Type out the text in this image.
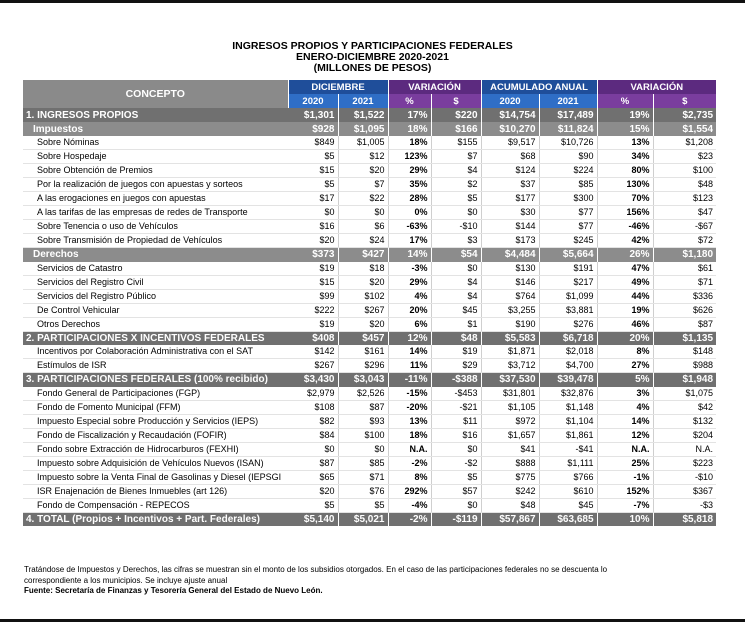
INGRESOS PROPIOS Y PARTICIPACIONES FEDERALES
ENERO-DICIEMBRE 2020-2021
(MILLONES DE PESOS)
CONCEPTO	DICIEMBRE		VARIACIÓN		ACUMULADO ANUAL		VARIACIÓN	
	2020	2021	%	$	2020	2021	%	$
1. INGRESOS PROPIOS	$1,301	$1,522	17%	$220	$14,754	$17,489	19%	$2,735
Impuestos	$928	$1,095	18%	$166	$10,270	$11,824	15%	$1,554
Sobre Nóminas	$849	$1,005	18%	$155	$9,517	$10,726	13%	$1,208
Sobre Hospedaje	$5	$12	123%	$7	$68	$90	34%	$23
Sobre Obtención de Premios	$15	$20	29%	$4	$124	$224	80%	$100
Por la realización de juegos con apuestas y sorteos	$5	$7	35%	$2	$37	$85	130%	$48
A las erogaciones en juegos con apuestas	$17	$22	28%	$5	$177	$300	70%	$123
A las tarifas de las empresas de redes de Transporte	$0	$0	0%	$0	$30	$77	156%	$47
Sobre Tenencia o uso de Vehículos	$16	$6	-63%	-$10	$144	$77	-46%	-$67
Sobre Transmisión de Propiedad de Vehículos	$20	$24	17%	$3	$173	$245	42%	$72
Derechos	$373	$427	14%	$54	$4,484	$5,664	26%	$1,180
Servicios de Catastro	$19	$18	-3%	$0	$130	$191	47%	$61
Servicios del Registro Civil	$15	$20	29%	$4	$146	$217	49%	$71
Servicios del Registro Público	$99	$102	4%	$4	$764	$1,099	44%	$336
De Control Vehicular	$222	$267	20%	$45	$3,255	$3,881	19%	$626
Otros Derechos	$19	$20	6%	$1	$190	$276	46%	$87
2. PARTICIPACIONES X INCENTIVOS FEDERALES	$408	$457	12%	$48	$5,583	$6,718	20%	$1,135
Incentivos por Colaboración Administrativa con el SAT	$142	$161	14%	$19	$1,871	$2,018	8%	$148
Estímulos de ISR	$267	$296	11%	$29	$3,712	$4,700	27%	$988
3. PARTICIPACIONES FEDERALES (100% recibido)	$3,430	$3,043	-11%	-$388	$37,530	$39,478	5%	$1,948
Fondo General de Participaciones (FGP)	$2,979	$2,526	-15%	-$453	$31,801	$32,876	3%	$1,075
Fondo de Fomento Municipal (FFM)	$108	$87	-20%	-$21	$1,105	$1,148	4%	$42
Impuesto Especial sobre Producción y Servicios (IEPS)	$82	$93	13%	$11	$972	$1,104	14%	$132
Fondo de Fiscalización y Recaudación (FOFIR)	$84	$100	18%	$16	$1,657	$1,861	12%	$204
Fondo sobre Extracción de Hidrocarburos (FEXHI)	$0	$0	N.A.	$0	$41	-$41	N.A.	N.A.
Impuesto sobre Adquisición de Vehículos Nuevos (ISAN)	$87	$85	-2%	-$2	$888	$1,111	25%	$223
Impuesto sobre la Venta Final de Gasolinas y Diesel (IEPSGI	$65	$71	8%	$5	$775	$766	-1%	-$10
ISR Enajenación de Bienes Inmuebles (art 126)	$20	$76	292%	$57	$242	$610	152%	$367
Fondo de Compensación - REPECOS	$5	$5	-4%	$0	$48	$45	-7%	-$3
4. TOTAL (Propios + Incentivos + Part. Federales)	$5,140	$5,021	-2%	-$119	$57,867	$63,685	10%	$5,818
Tratándose de Impuestos y Derechos, las cifras se muestran sin el monto de los subsidios otorgados. En el caso de las participaciones federales no se descuenta lo
correspondiente a los municipios. Se incluye ajuste anual
Fuente: Secretaría de Finanzas y Tesorería General del Estado de Nuevo León.
